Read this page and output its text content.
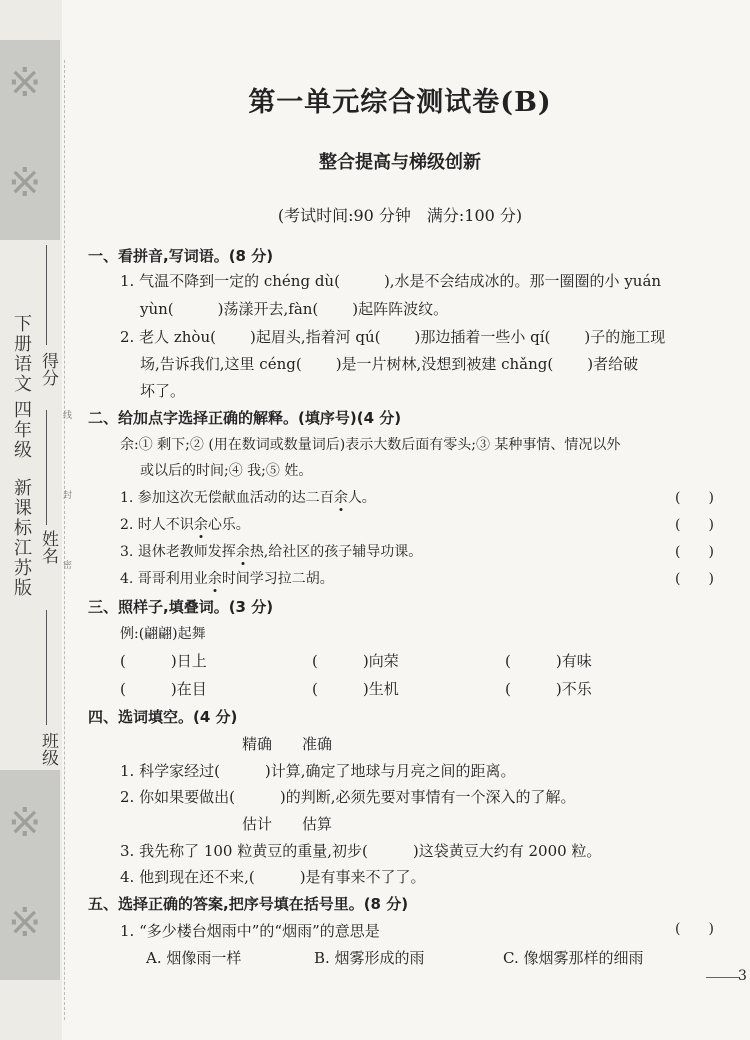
※
※
※
※
新课标江苏版
四年级
语文
下册
得分
姓名
班级
线
封
密
第一单元综合测试卷(B)
整合提高与梯级创新
(考试时间:90 分钟　满分:100 分)
一、看拼音,写词语。(8 分)
1. 气温不降到一定的 chéng dù(	),水是不会结成冰的。那一圈圈的小 yuán
yùn(	)荡漾开去,fàn( )起阵阵波纹。
2. 老人 zhòu( )起眉头,指着河 qú( )那边插着一些小 qí( )子的施工现
场,告诉我们,这里 céng( )是一片树林,没想到被建 chǎng( )者给破
坏了。
二、给加点字选择正确的解释。(填序号)(4 分)
余:① 剩下;② (用在数词或数量词后)表示大数后面有零头;③ 某种事情、情况以外
或以后的时间;④ 我;⑤ 姓。
1. 参加这次无偿献血活动的达二百余人。	(　　)
2. 时人不识余心乐。	(　　)
3. 退休老教师发挥余热,给社区的孩子辅导功课。	(　　)
4. 哥哥利用业余时间学习拉二胡。	(　　)
三、照样子,填叠词。(3 分)
例:(翩翩)起舞
(　　　)日上	(　　　)向荣	(　　　)有味
(　　　)在目	(　　　)生机	(　　　)不乐
四、选词填空。(4 分)
精确　　准确
1. 科学家经过(　　　)计算,确定了地球与月亮之间的距离。
2. 你如果要做出(　　　)的判断,必须先要对事情有一个深入的了解。
估计　　估算
3. 我先称了 100 粒黄豆的重量,初步(　　　)这袋黄豆大约有 2000 粒。
4. 他到现在还不来,(　　　)是有事来不了了。
五、选择正确的答案,把序号填在括号里。(8 分)
1. “多少楼台烟雨中”的“烟雨”的意思是	(　　)
A. 烟像雨一样	B. 烟雾形成的雨	C. 像烟雾那样的细雨
3
